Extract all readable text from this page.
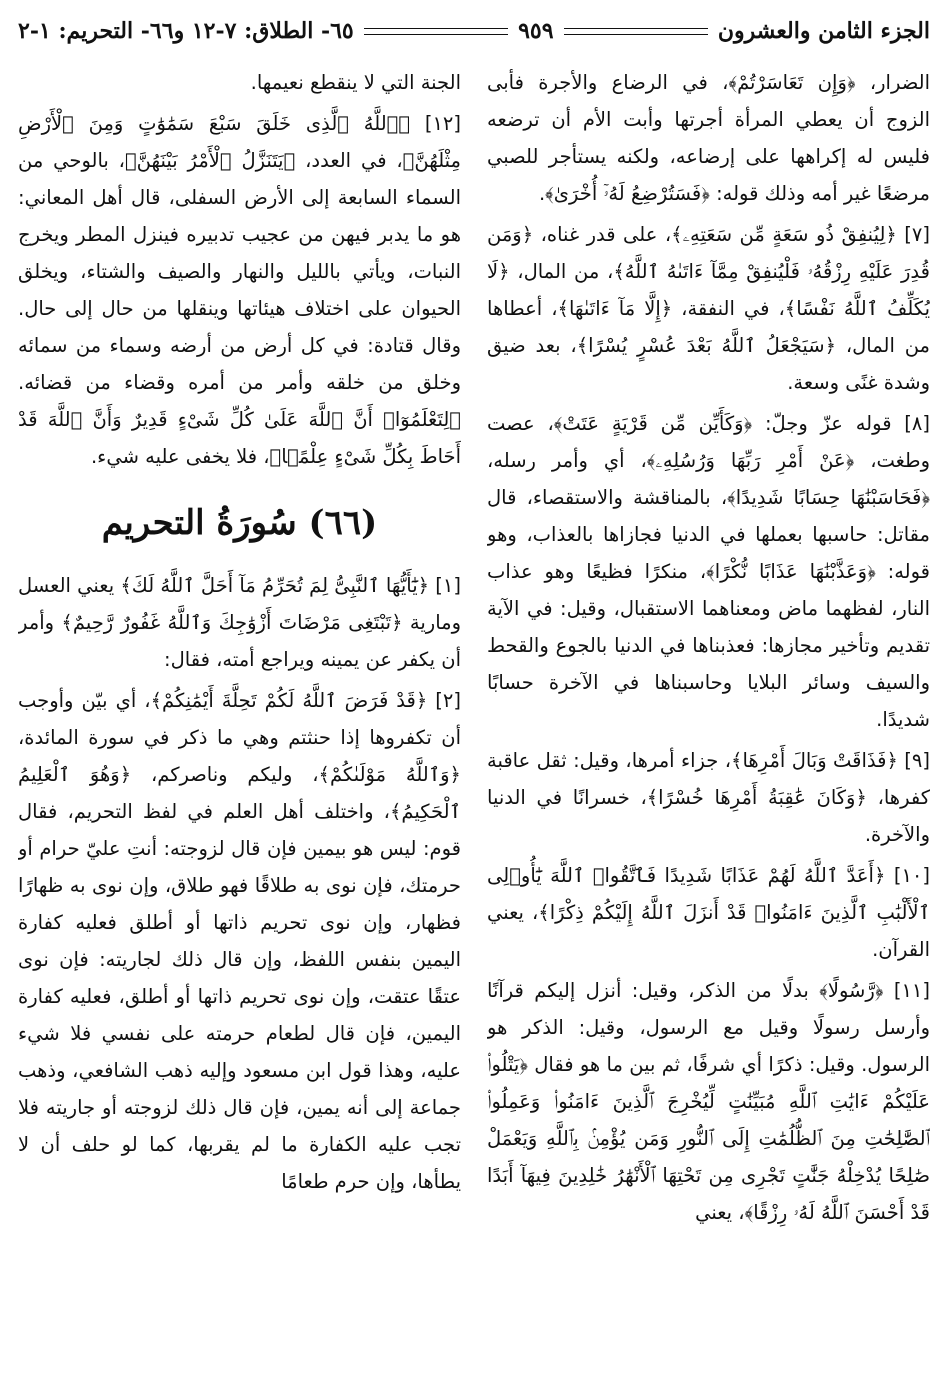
الجزء الثامن والعشرون
٩٥٩
٦٥- الطلاق: ٧-١٢ و٦٦- التحريم: ١-٢

الضرار، ﴿وَإِن تَعَاسَرْتُمْ﴾، في الرضاع والأجرة فأبى الزوج أن يعطي المرأة أجرتها وأبت الأم أن ترضعه فليس له إكراهها على إرضاعه، ولكنه يستأجر للصبي مرضعًا غير أمه وذلك قوله: ﴿فَسَتُرْضِعُ لَهُۥٓ أُخْرَىٰ﴾.

[٧] ﴿لِيُنفِقْ ذُو سَعَةٍ مِّن سَعَتِهِۦ﴾، على قدر غناه، ﴿وَمَن قُدِرَ عَلَيْهِ رِزْقُهُۥ فَلْيُنفِقْ مِمَّآ ءَاتَىٰهُ ٱللَّهُ﴾، من المال، ﴿لَا يُكَلِّفُ ٱللَّهُ نَفْسًا﴾، في النفقة، ﴿إِلَّا مَآ ءَاتَىٰهَا﴾، أعطاها من المال، ﴿سَيَجْعَلُ ٱللَّهُ بَعْدَ عُسْرٍ يُسْرًا﴾، بعد ضيق وشدة غنًى وسعة.

[٨] قوله عزّ وجلّ: ﴿وَكَأَيِّن مِّن قَرْيَةٍ عَتَتْ﴾، عصت وطغت، ﴿عَنْ أَمْرِ رَبِّهَا وَرُسُلِهِۦ﴾، أي وأمر رسله، ﴿فَحَاسَبْنَٰهَا حِسَابًا شَدِيدًا﴾، بالمناقشة والاستقصاء، قال مقاتل: حاسبها بعملها في الدنيا فجازاها بالعذاب، وهو قوله: ﴿وَعَذَّبْنَٰهَا عَذَابًا نُّكْرًا﴾، منكرًا فظيعًا وهو عذاب النار، لفظهما ماض ومعناهما الاستقبال، وقيل: في الآية تقديم وتأخير مجازها: فعذبناها في الدنيا بالجوع والقحط والسيف وسائر البلايا وحاسبناها في الآخرة حسابًا شديدًا.

[٩] ﴿فَذَاقَتْ وَبَالَ أَمْرِهَا﴾، جزاء أمرها، وقيل: ثقل عاقبة كفرها، ﴿وَكَانَ عَٰقِبَةُ أَمْرِهَا خُسْرًا﴾، خسرانًا في الدنيا والآخرة.

[١٠] ﴿أَعَدَّ ٱللَّهُ لَهُمْ عَذَابًا شَدِيدًا فَٱتَّقُوا۟ ٱللَّهَ يَٰٓأُو۟لِى ٱلْأَلْبَٰبِ ٱلَّذِينَ ءَامَنُوا۟ قَدْ أَنزَلَ ٱللَّهُ إِلَيْكُمْ ذِكْرًا﴾، يعني القرآن.

[١١] ﴿رَّسُولًا﴾ بدلًا من الذكر، وقيل: أنزل إليكم قرآنًا وأرسل رسولًا وقيل مع الرسول، وقيل: الذكر هو الرسول. وقيل: ذكرًا أي شرفًا، ثم بين ما هو فقال ﴿يَتْلُوا۟ عَلَيْكُمْ ءَايَٰتِ ٱللَّهِ مُبَيِّنَٰتٍ لِّيُخْرِجَ ٱلَّذِينَ ءَامَنُوا۟ وَعَمِلُوا۟ ٱلصَّٰلِحَٰتِ مِنَ ٱلظُّلُمَٰتِ إِلَى ٱلنُّورِ وَمَن يُؤْمِنۢ بِٱللَّهِ وَيَعْمَلْ صَٰلِحًا يُدْخِلْهُ جَنَّٰتٍ تَجْرِى مِن تَحْتِهَا ٱلْأَنْهَٰرُ خَٰلِدِينَ فِيهَآ أَبَدًا قَدْ أَحْسَنَ ٱللَّهُ لَهُۥ رِزْقًا﴾، يعني

الجنة التي لا ينقطع نعيمها.

[١٢] ﴿ٱللَّهُ ٱلَّذِى خَلَقَ سَبْعَ سَمَٰوَٰتٍ وَمِنَ ٱلْأَرْضِ مِثْلَهُنَّ﴾، في العدد، ﴿يَتَنَزَّلُ ٱلْأَمْرُ بَيْنَهُنَّ﴾، بالوحي من السماء السابعة إلى الأرض السفلى، قال أهل المعاني: هو ما يدبر فيهن من عجيب تدبيره فينزل المطر ويخرج النبات، ويأتي بالليل والنهار والصيف والشتاء، ويخلق الحيوان على اختلاف هيئاتها وينقلها من حال إلى حال. وقال قتادة: في كل أرض من أرضه وسماء من سمائه وخلق من خلقه وأمر من أمره وقضاء من قضائه. ﴿لِتَعْلَمُوٓا۟ أَنَّ ٱللَّهَ عَلَىٰ كُلِّ شَىْءٍ قَدِيرٌ وَأَنَّ ٱللَّهَ قَدْ أَحَاطَ بِكُلِّ شَىْءٍ عِلْمًۢا﴾، فلا يخفى عليه شيء.

(٦٦) سُورَةُ التحريم

[١] ﴿يَٰٓأَيُّهَا ٱلنَّبِىُّ لِمَ تُحَرِّمُ مَآ أَحَلَّ ٱللَّهُ لَكَ﴾ يعني العسل ومارية ﴿تَبْتَغِى مَرْضَاتَ أَزْوَٰجِكَ وَٱللَّهُ غَفُورٌ رَّحِيمٌ﴾ وأمر أن يكفر عن يمينه ويراجع أمته، فقال:

[٢] ﴿قَدْ فَرَضَ ٱللَّهُ لَكُمْ تَحِلَّةَ أَيْمَٰنِكُمْ﴾، أي بيّن وأوجب أن تكفروها إذا حنثتم وهي ما ذكر في سورة المائدة، ﴿وَٱللَّهُ مَوْلَىٰكُمْ﴾، وليكم وناصركم، ﴿وَهُوَ ٱلْعَلِيمُ ٱلْحَكِيمُ﴾، واختلف أهل العلم في لفظ التحريم، فقال قوم: ليس هو بيمين فإن قال لزوجته: أنتِ عليّ حرام أو حرمتك، فإن نوى به طلاقًا فهو طلاق، وإن نوى به ظهارًا فظهار، وإن نوى تحريم ذاتها أو أطلق فعليه كفارة اليمين بنفس اللفظ، وإن قال ذلك لجاريته: فإن نوى عتقًا عتقت، وإن نوى تحريم ذاتها أو أطلق، فعليه كفارة اليمين، فإن قال لطعام حرمته على نفسي فلا شيء عليه، وهذا قول ابن مسعود وإليه ذهب الشافعي، وذهب جماعة إلى أنه يمين، فإن قال ذلك لزوجته أو جاريته فلا تجب عليه الكفارة ما لم يقربها، كما لو حلف أن لا يطأها، وإن حرم طعامًا
